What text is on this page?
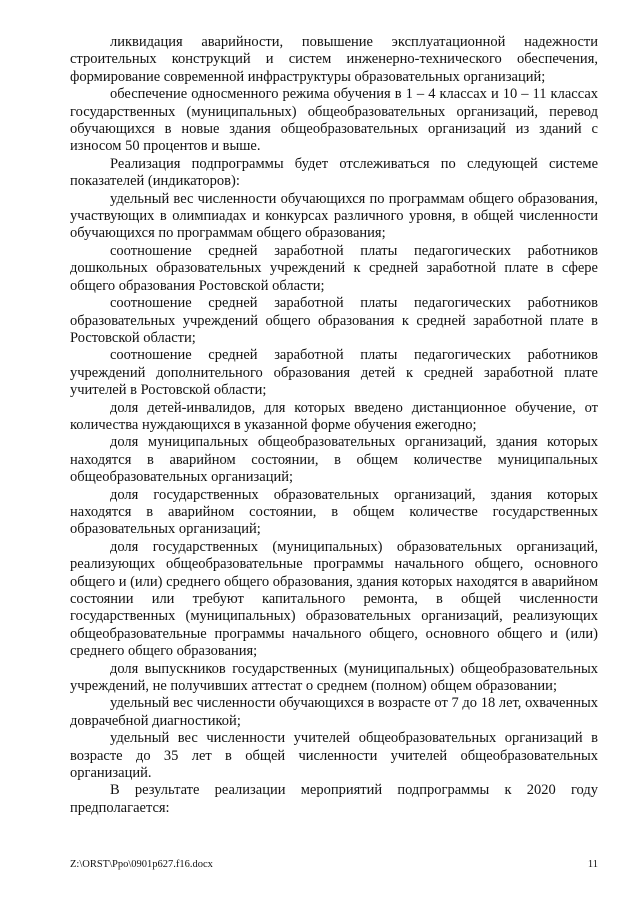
ликвидация аварийности, повышение эксплуатационной надежности строительных конструкций и систем инженерно-технического обеспечения, формирование современной инфраструктуры образовательных организаций;

обеспечение односменного режима обучения в 1 – 4 классах и 10 – 11 классах государственных (муниципальных) общеобразовательных организаций, перевод обучающихся в новые здания общеобразовательных организаций из зданий с износом 50 процентов и выше.

Реализация подпрограммы будет отслеживаться по следующей системе показателей (индикаторов):

удельный вес численности обучающихся по программам общего образования, участвующих в олимпиадах и конкурсах различного уровня, в общей численности обучающихся по программам общего образования;

соотношение средней заработной платы педагогических работников дошкольных образовательных учреждений к средней заработной плате в сфере общего образования Ростовской области;

соотношение средней заработной платы педагогических работников образовательных учреждений общего образования к средней заработной плате в Ростовской области;

соотношение средней заработной платы педагогических работников учреждений дополнительного образования детей к средней заработной плате учителей в Ростовской области;

доля детей-инвалидов, для которых введено дистанционное обучение, от количества нуждающихся в указанной форме обучения ежегодно;

доля муниципальных общеобразовательных организаций, здания которых находятся в аварийном состоянии, в общем количестве муниципальных общеобразовательных организаций;

доля государственных образовательных организаций, здания которых находятся в аварийном состоянии, в общем количестве государственных образовательных организаций;

доля государственных (муниципальных) образовательных организаций, реализующих общеобразовательные программы начального общего, основного общего и (или) среднего общего образования, здания которых находятся в аварийном состоянии или требуют капитального ремонта, в общей численности государственных (муниципальных) образовательных организаций, реализующих общеобразовательные программы начального общего, основного общего и (или) среднего общего образования;

доля выпускников государственных (муниципальных) общеобразовательных учреждений, не получивших аттестат о среднем (полном) общем образовании;

удельный вес численности обучающихся в возрасте от 7 до 18 лет, охваченных доврачебной диагностикой;

удельный вес численности учителей общеобразовательных организаций в возрасте до 35 лет в общей численности учителей общеобразовательных организаций.

В результате реализации мероприятий подпрограммы к 2020 году предполагается:

Z:\ORST\Ppo\0901p627.f16.docx	11
